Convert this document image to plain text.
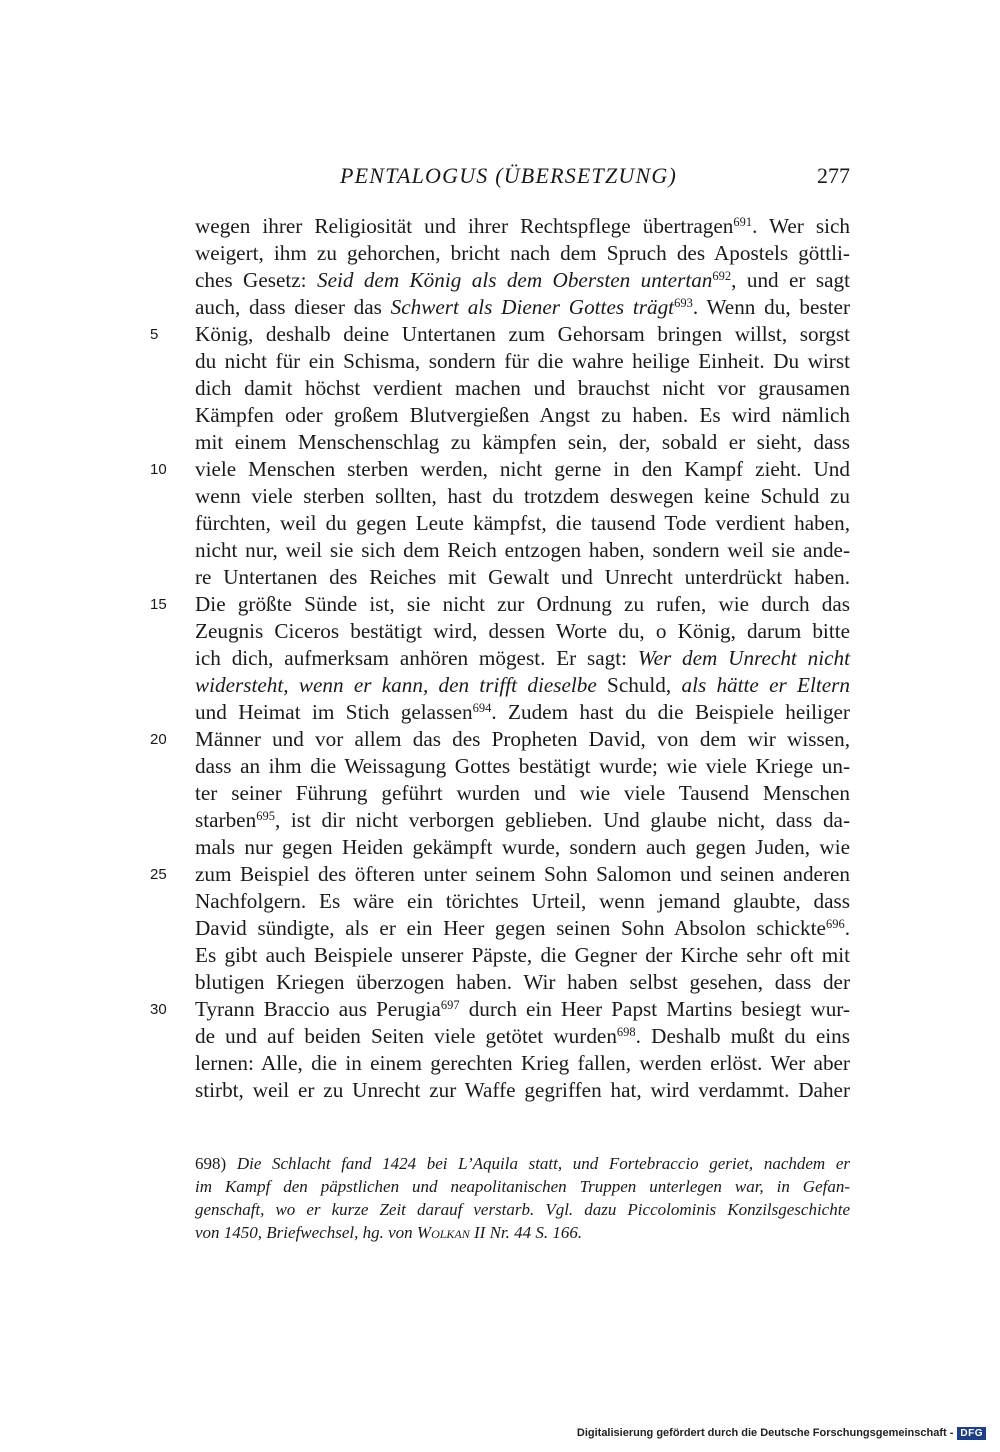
PENTALOGUS (ÜBERSETZUNG)	277
wegen ihrer Religiosität und ihrer Rechtspflege übertragen$^{691}$. Wer sich
weigert, ihm zu gehorchen, bricht nach dem Spruch des Apostels göttli-
ches Gesetz: Seid dem König als dem Obersten untertan$^{692}$, und er sagt
auch, dass dieser das Schwert als Diener Gottes trägt$^{693}$. Wenn du, bester
König, deshalb deine Untertanen zum Gehorsam bringen willst, sorgst
5
du nicht für ein Schisma, sondern für die wahre heilige Einheit. Du wirst
dich damit höchst verdient machen und brauchst nicht vor grausamen
Kämpfen oder großem Blutvergießen Angst zu haben. Es wird nämlich
mit einem Menschenschlag zu kämpfen sein, der, sobald er sieht, dass
viele Menschen sterben werden, nicht gerne in den Kampf zieht. Und
10
wenn viele sterben sollten, hast du trotzdem deswegen keine Schuld zu
fürchten, weil du gegen Leute kämpfst, die tausend Tode verdient haben,
nicht nur, weil sie sich dem Reich entzogen haben, sondern weil sie ande-
re Untertanen des Reiches mit Gewalt und Unrecht unterdrückt haben.
Die größte Sünde ist, sie nicht zur Ordnung zu rufen, wie durch das
15
Zeugnis Ciceros bestätigt wird, dessen Worte du, o König, darum bitte
ich dich, aufmerksam anhören mögest. Er sagt: Wer dem Unrecht nicht
widersteht, wenn er kann, den trifft dieselbe Schuld, als hätte er Eltern
und Heimat im Stich gelassen$^{694}$. Zudem hast du die Beispiele heiliger
Männer und vor allem das des Propheten David, von dem wir wissen,
20
dass an ihm die Weissagung Gottes bestätigt wurde; wie viele Kriege un-
ter seiner Führung geführt wurden und wie viele Tausend Menschen
starben$^{695}$, ist dir nicht verborgen geblieben. Und glaube nicht, dass da-
mals nur gegen Heiden gekämpft wurde, sondern auch gegen Juden, wie
zum Beispiel des öfteren unter seinem Sohn Salomon und seinen anderen
25
Nachfolgern. Es wäre ein törichtes Urteil, wenn jemand glaubte, dass
David sündigte, als er ein Heer gegen seinen Sohn Absolon schickte$^{696}$.
Es gibt auch Beispiele unserer Päpste, die Gegner der Kirche sehr oft mit
blutigen Kriegen überzogen haben. Wir haben selbst gesehen, dass der
Tyrann Braccio aus Perugia$^{697}$ durch ein Heer Papst Martins besiegt wur-
30
de und auf beiden Seiten viele getötet wurden$^{698}$. Deshalb mußt du eins
lernen: Alle, die in einem gerechten Krieg fallen, werden erlöst. Wer aber
stirbt, weil er zu Unrecht zur Waffe gegriffen hat, wird verdammt. Daher
698) Die Schlacht fand 1424 bei L’Aquila statt, und Fortebraccio geriet, nachdem er
im Kampf den päpstlichen und neapolitanischen Truppen unterlegen war, in Gefan-
genschaft, wo er kurze Zeit darauf verstarb. Vgl. dazu Piccolominis Konzilsgeschichte
von 1450, Briefwechsel, hg. von Wolkan II Nr. 44 S. 166.
Digitalisierung gefördert durch die Deutsche Forschungsgemeinschaft - DFG
